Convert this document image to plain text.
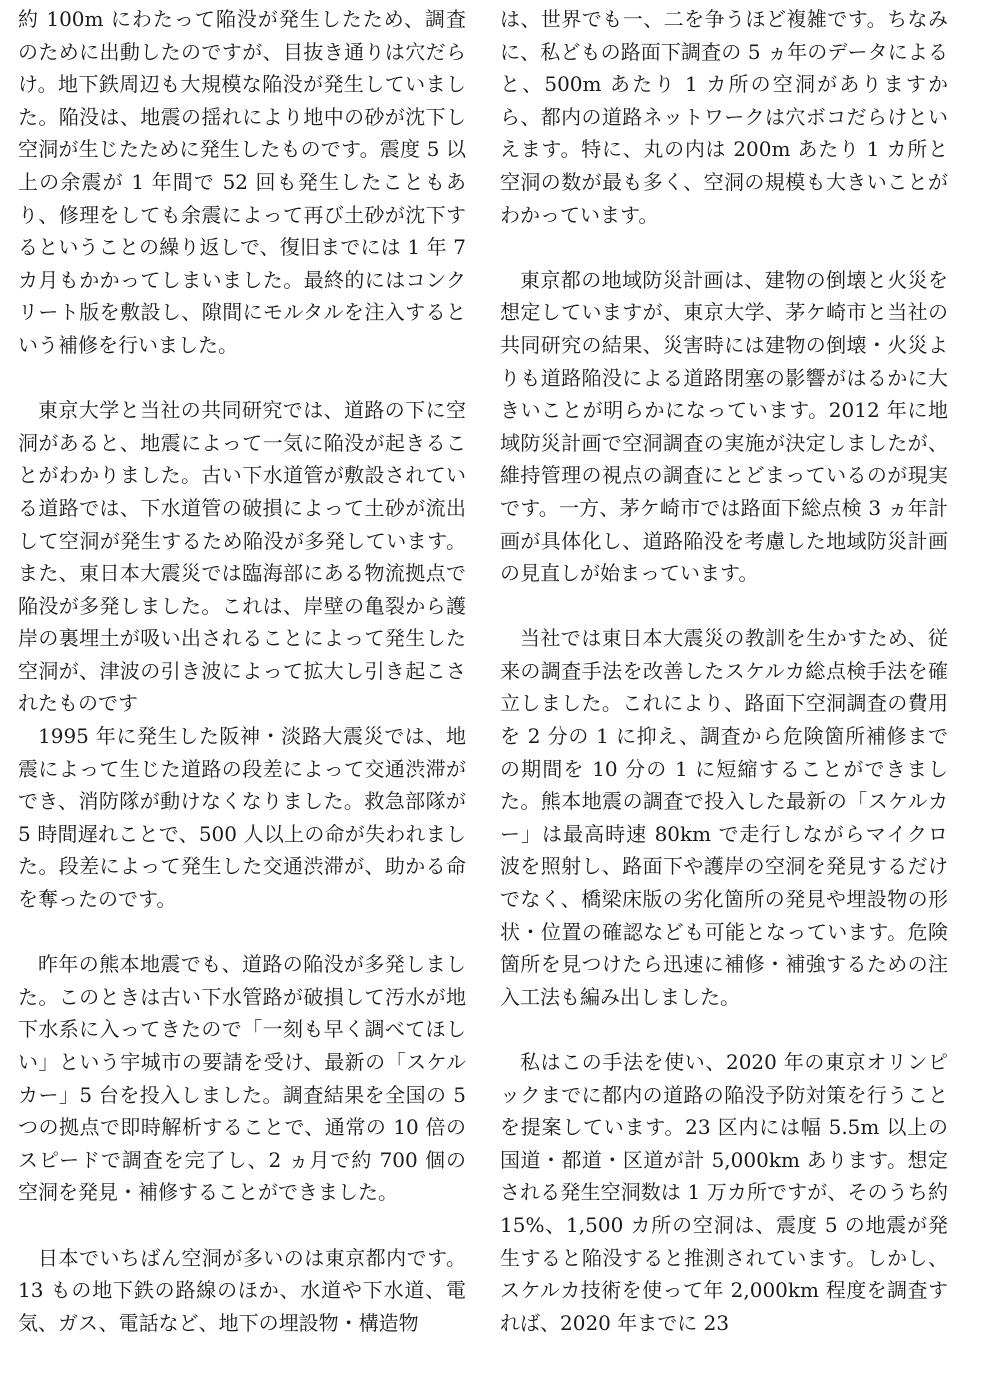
約 100m にわたって陥没が発生したため、調査のために出動したのですが、目抜き通りは穴だらけ。地下鉄周辺も大規模な陥没が発生していました。陥没は、地震の揺れにより地中の砂が沈下し空洞が生じたために発生したものです。震度 5 以上の余震が 1 年間で 52 回も発生したこともあり、修理をしても余震によって再び土砂が沈下するということの繰り返しで、復旧までには 1 年 7 カ月もかかってしまいました。最終的にはコンクリート版を敷設し、隙間にモルタルを注入するという補修を行いました。

東京大学と当社の共同研究では、道路の下に空洞があると、地震によって一気に陥没が起きることがわかりました。古い下水道管が敷設されている道路では、下水道管の破損によって土砂が流出して空洞が発生するため陥没が多発しています。また、東日本大震災では臨海部にある物流拠点で陥没が多発しました。これは、岸壁の亀裂から護岸の裏埋土が吸い出されることによって発生した空洞が、津波の引き波によって拡大し引き起こされたものです

1995 年に発生した阪神・淡路大震災では、地震によって生じた道路の段差によって交通渋滞ができ、消防隊が動けなくなりました。救急部隊が 5 時間遅れことで、500 人以上の命が失われました。段差によって発生した交通渋滞が、助かる命を奪ったのです。

昨年の熊本地震でも、道路の陥没が多発しました。このときは古い下水管路が破損して汚水が地下水系に入ってきたので「一刻も早く調べてほしい」という宇城市の要請を受け、最新の「スケルカー」5 台を投入しました。調査結果を全国の 5 つの拠点で即時解析することで、通常の 10 倍のスピードで調査を完了し、2 ヵ月で約 700 個の空洞を発見・補修することができました。

日本でいちばん空洞が多いのは東京都内です。13 もの地下鉄の路線のほか、水道や下水道、電気、ガス、電話など、地下の埋設物・構造物

は、世界でも一、二を争うほど複雑です。ちなみに、私どもの路面下調査の 5 ヵ年のデータによると、500m あたり 1 カ所の空洞がありますから、都内の道路ネットワークは穴ボコだらけといえます。特に、丸の内は 200m あたり 1 カ所と空洞の数が最も多く、空洞の規模も大きいことがわかっています。

東京都の地域防災計画は、建物の倒壊と火災を想定していますが、東京大学、茅ケ崎市と当社の共同研究の結果、災害時には建物の倒壊・火災よりも道路陥没による道路閉塞の影響がはるかに大きいことが明らかになっています。2012 年に地域防災計画で空洞調査の実施が決定しましたが、維持管理の視点の調査にとどまっているのが現実です。一方、茅ケ崎市では路面下総点検 3 ヵ年計画が具体化し、道路陥没を考慮した地域防災計画の見直しが始まっています。

当社では東日本大震災の教訓を生かすため、従来の調査手法を改善したスケルカ総点検手法を確立しました。これにより、路面下空洞調査の費用を 2 分の 1 に抑え、調査から危険箇所補修までの期間を 10 分の 1 に短縮することができました。熊本地震の調査で投入した最新の「スケルカー」は最高時速 80km で走行しながらマイクロ波を照射し、路面下や護岸の空洞を発見するだけでなく、橋梁床版の劣化箇所の発見や埋設物の形状・位置の確認なども可能となっています。危険箇所を見つけたら迅速に補修・補強するための注入工法も編み出しました。

私はこの手法を使い、2020 年の東京オリンピックまでに都内の道路の陥没予防対策を行うことを提案しています。23 区内には幅 5.5m 以上の国道・都道・区道が計 5,000km あります。想定される発生空洞数は 1 万カ所ですが、そのうち約 15%、1,500 カ所の空洞は、震度 5 の地震が発生すると陥没すると推測されています。しかし、スケルカ技術を使って年 2,000km 程度を調査すれば、2020 年までに 23
